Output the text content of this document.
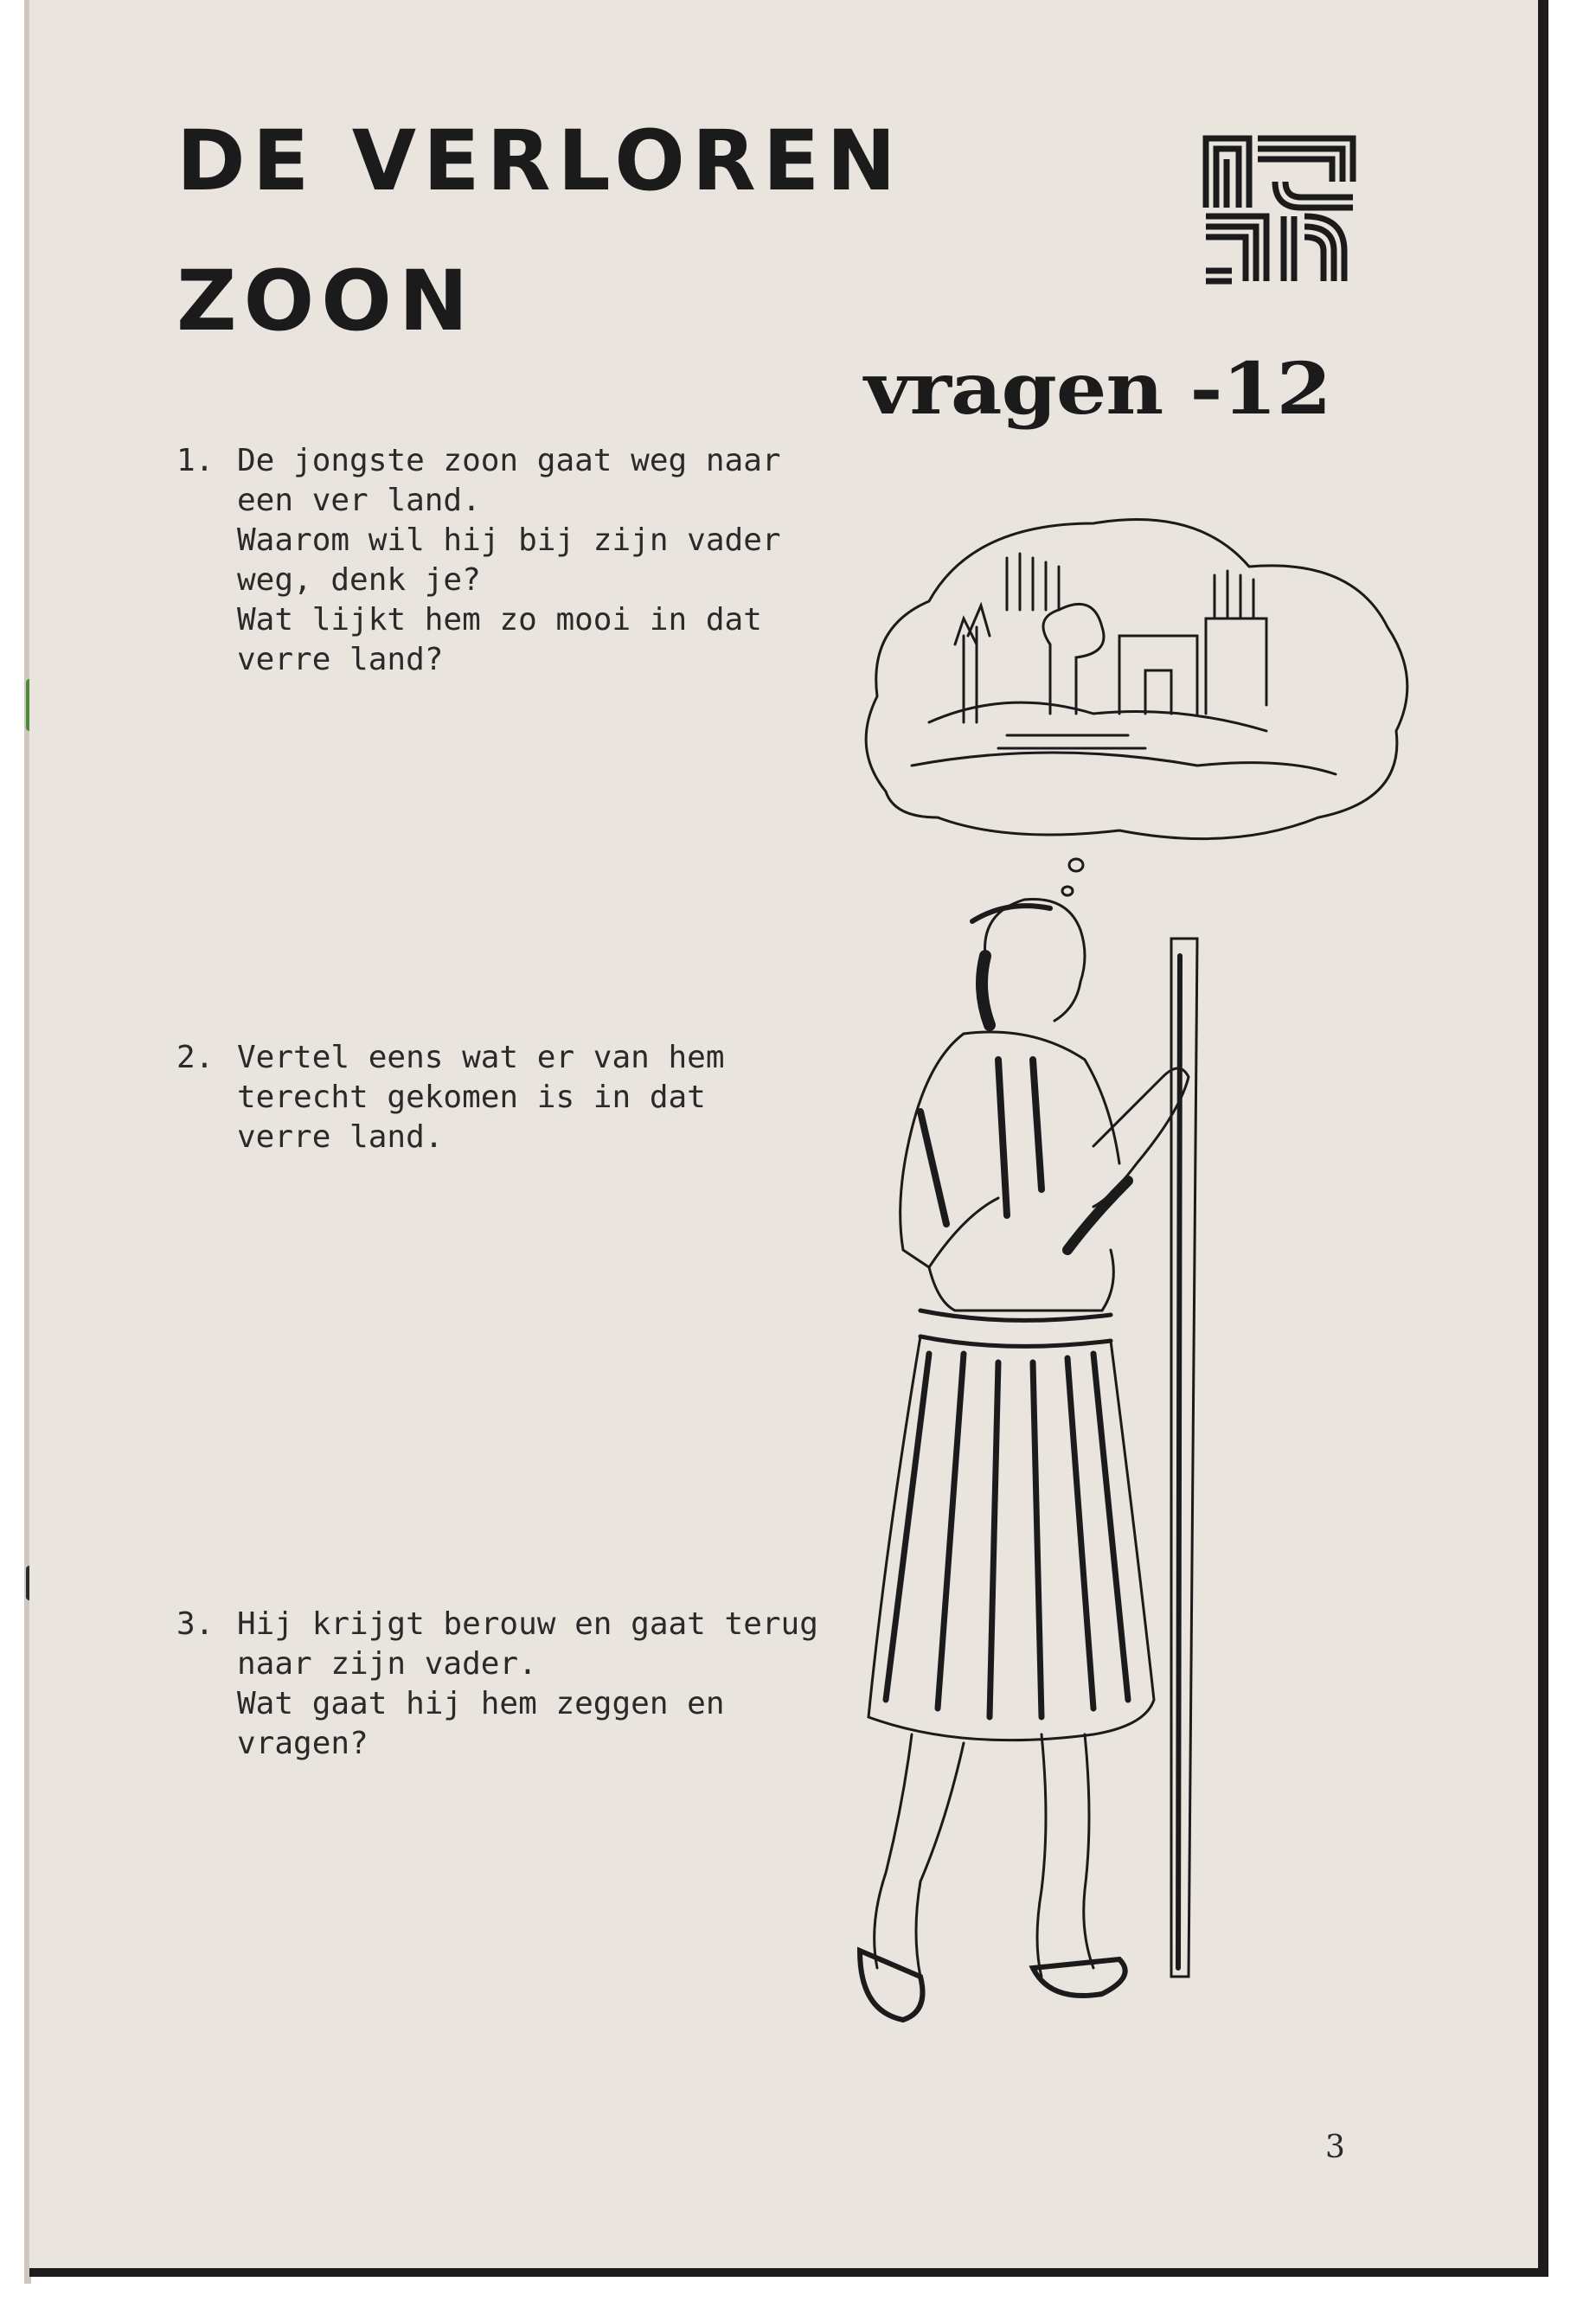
DE VERLOREN
ZOON
vragen -12
1. De jongste zoon gaat weg naar
een ver land.
Waarom wil hij bij zijn vader
weg, denk je?
Wat lijkt hem zo mooi in dat
verre land?
2. Vertel eens wat er van hem
terecht gekomen is in dat
verre land.
3. Hij krijgt berouw en gaat terug
naar zijn vader.
Wat gaat hij hem zeggen en
vragen?
3
